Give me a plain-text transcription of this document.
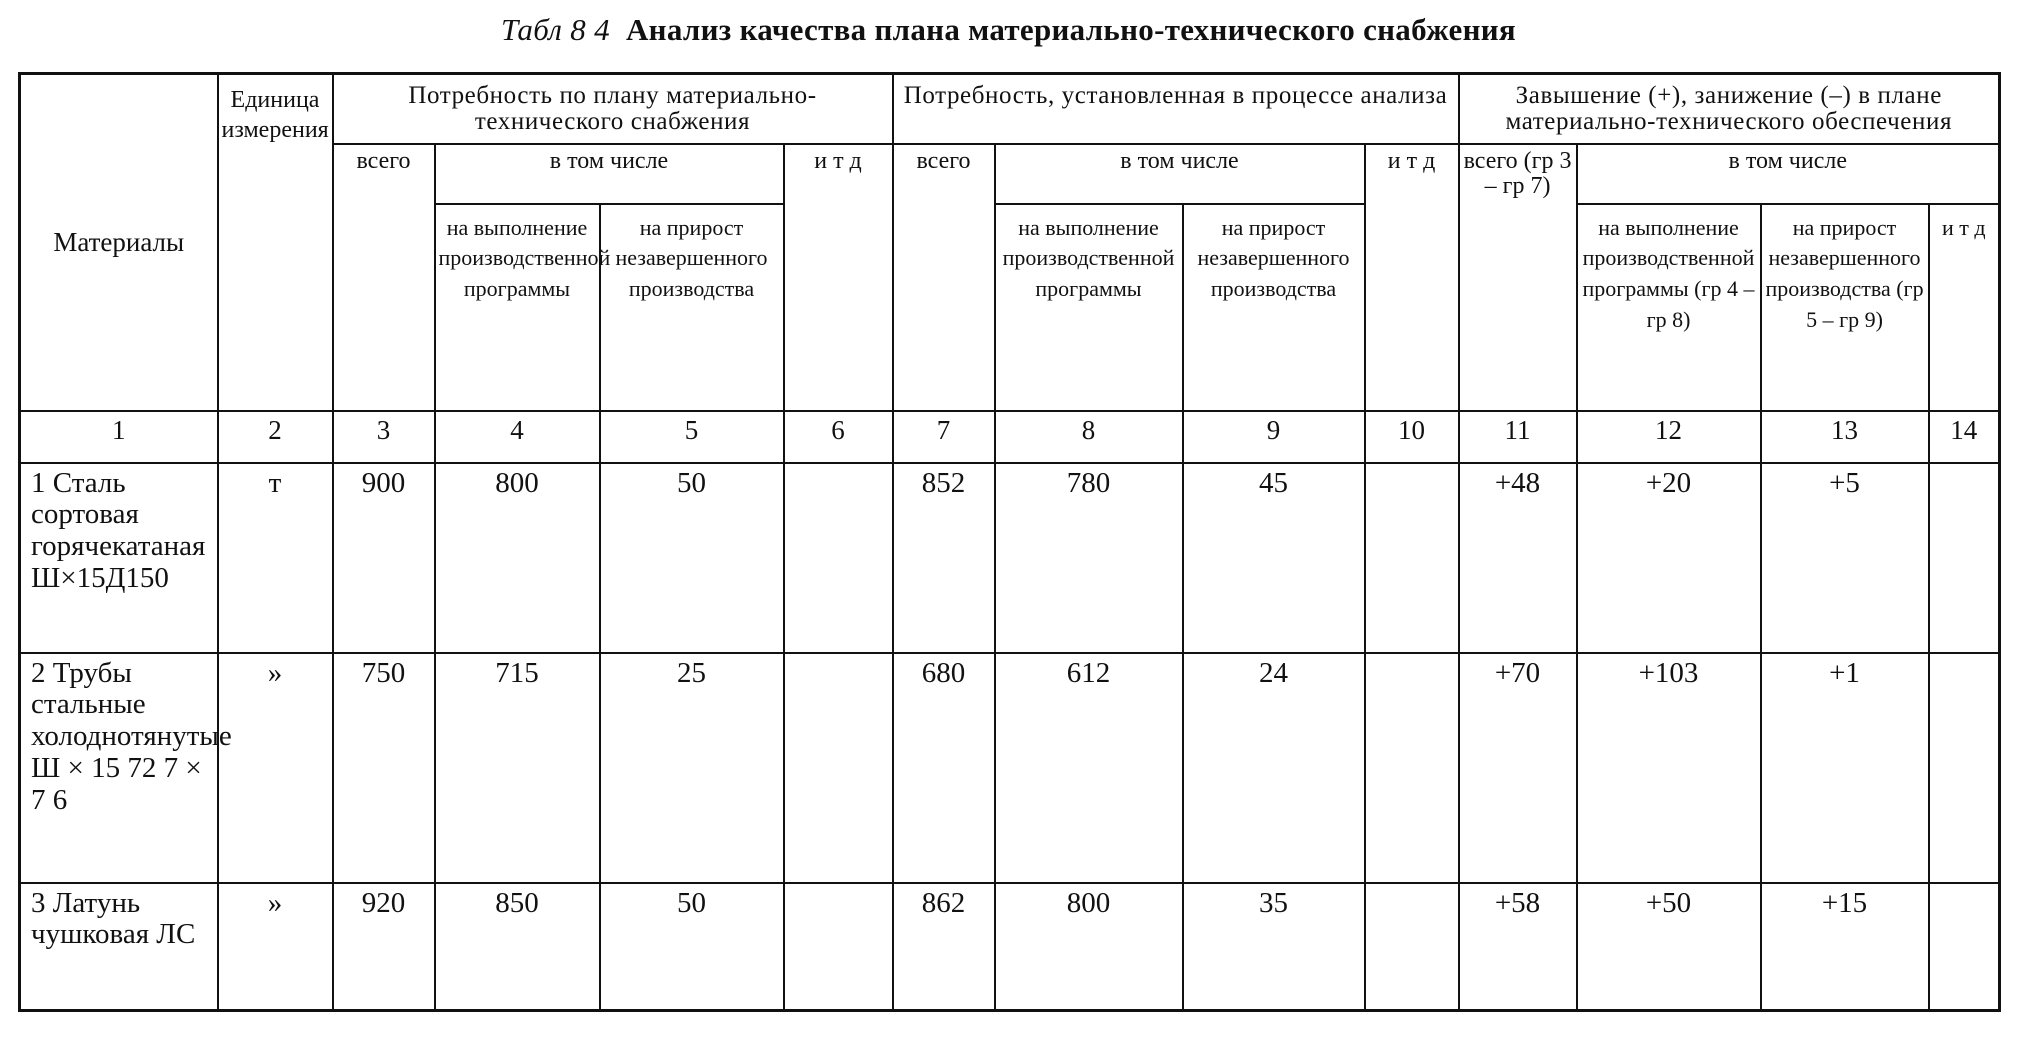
Табл 8 4 Анализ качества плана материально-технического снабжения
Материалы	Единица измерения	Потребность по плану материально-технического снабжения				Потребность, установленная в процессе анализа				Завышение (+), занижение (–) в плане материально-технического обеспечения			
		всего	в том числе		и т д	всего	в том числе		и т д	всего (гр 3 – гр 7)	в том числе		
			на выполнение производственной программы	на прирост незавершенного производства			на выполнение производственной программы	на прирост незавершенного производства			на выполнение производственной программы (гр 4 – гр 8)	на прирост незавершенного производства (гр 5 – гр 9)	и т д
1	2	3	4	5	6	7	8	9	10	11	12	13	14
1 Сталь сортовая горячекатаная Ш×15Д150	т	900	800	50		852	780	45		+48	+20	+5	
2 Трубы стальные холоднотянутые Ш × 15 72 7 × 7 6	»	750	715	25		680	612	24		+70	+103	+1	
3 Латунь чушковая ЛС	»	920	850	50		862	800	35		+58	+50	+15	
